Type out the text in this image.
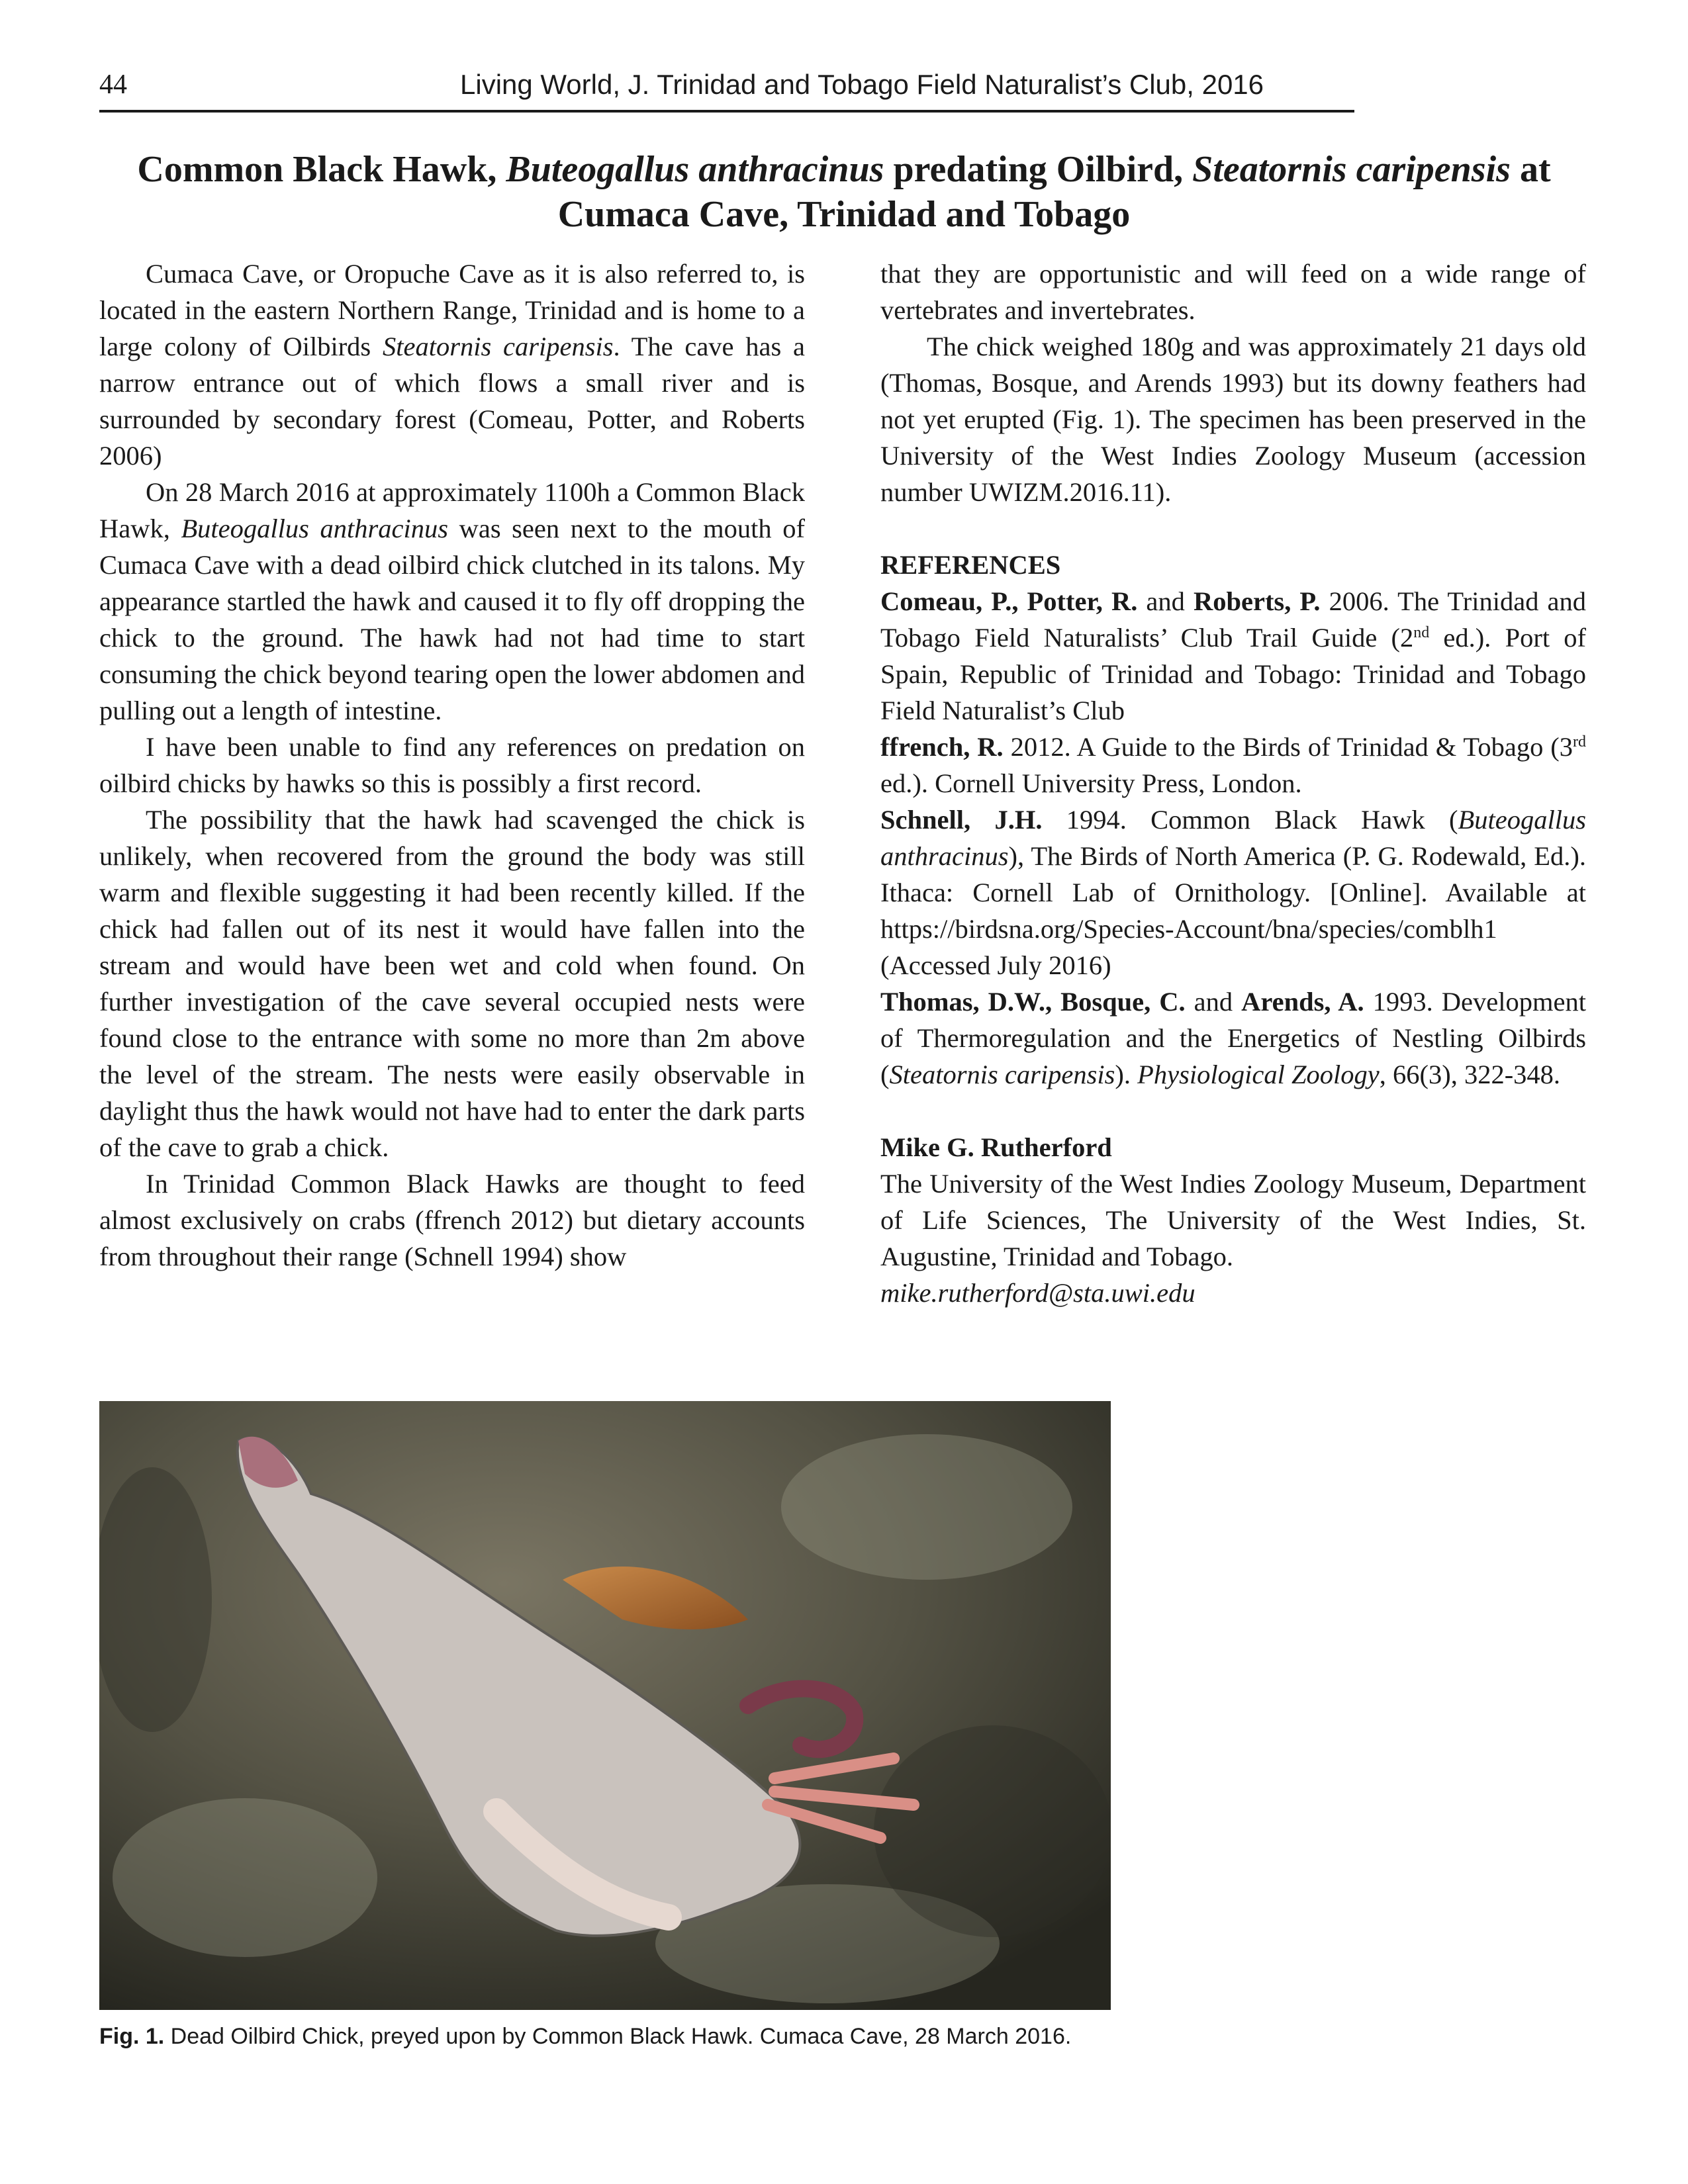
44	Living World, J. Trinidad and Tobago Field Naturalist’s Club, 2016
Common Black Hawk, Buteogallus anthracinus predating Oilbird, Steatornis caripensis at Cumaca Cave, Trinidad and Tobago

Cumaca Cave, or Oropuche Cave as it is also referred to, is located in the eastern Northern Range, Trinidad and is home to a large colony of Oilbirds Steatornis caripensis. The cave has a narrow entrance out of which flows a small river and is surrounded by secondary forest (Comeau, Potter, and Roberts 2006)

On 28 March 2016 at approximately 1100h a Common Black Hawk, Buteogallus anthracinus was seen next to the mouth of Cumaca Cave with a dead oilbird chick clutched in its talons. My appearance startled the hawk and caused it to fly off dropping the chick to the ground. The hawk had not had time to start consuming the chick beyond tearing open the lower abdomen and pulling out a length of intestine.

I have been unable to find any references on predation on oilbird chicks by hawks so this is possibly a first record.

The possibility that the hawk had scavenged the chick is unlikely, when recovered from the ground the body was still warm and flexible suggesting it had been recently killed. If the chick had fallen out of its nest it would have fallen into the stream and would have been wet and cold when found. On further investigation of the cave several occupied nests were found close to the entrance with some no more than 2m above the level of the stream. The nests were easily observable in daylight thus the hawk would not have had to enter the dark parts of the cave to grab a chick.

In Trinidad Common Black Hawks are thought to feed almost exclusively on crabs (ffrench 2012) but dietary accounts from throughout their range (Schnell 1994) show

that they are opportunistic and will feed on a wide range of vertebrates and invertebrates.

The chick weighed 180g and was approximately 21 days old (Thomas, Bosque, and Arends 1993) but its downy feathers had not yet erupted (Fig. 1). The specimen has been preserved in the University of the West Indies Zoology Museum (accession number UWIZM.2016.11).

REFERENCES

Comeau, P., Potter, R. and Roberts, P. 2006. The Trinidad and Tobago Field Naturalists’ Club Trail Guide (2nd ed.). Port of Spain, Republic of Trinidad and Tobago: Trinidad and Tobago Field Naturalist’s Club

ffrench, R. 2012. A Guide to the Birds of Trinidad & Tobago (3rd ed.). Cornell University Press, London.

Schnell, J.H. 1994. Common Black Hawk (Buteogallus anthracinus), The Birds of North America (P. G. Rodewald, Ed.). Ithaca: Cornell Lab of Ornithology. [Online]. Available at https://birdsna.org/Species-Account/bna/species/comblh1 (Accessed July 2016)

Thomas, D.W., Bosque, C. and Arends, A. 1993. Development of Thermoregulation and the Energetics of Nestling Oilbirds (Steatornis caripensis). Physiological Zoology, 66(3), 322-348.

Mike G. Rutherford

The University of the West Indies Zoology Museum, Department of Life Sciences, The University of the West Indies, St. Augustine, Trinidad and Tobago.

mike.rutherford@sta.uwi.edu

Fig. 1. Dead Oilbird Chick, preyed upon by Common Black Hawk. Cumaca Cave, 28 March 2016.
